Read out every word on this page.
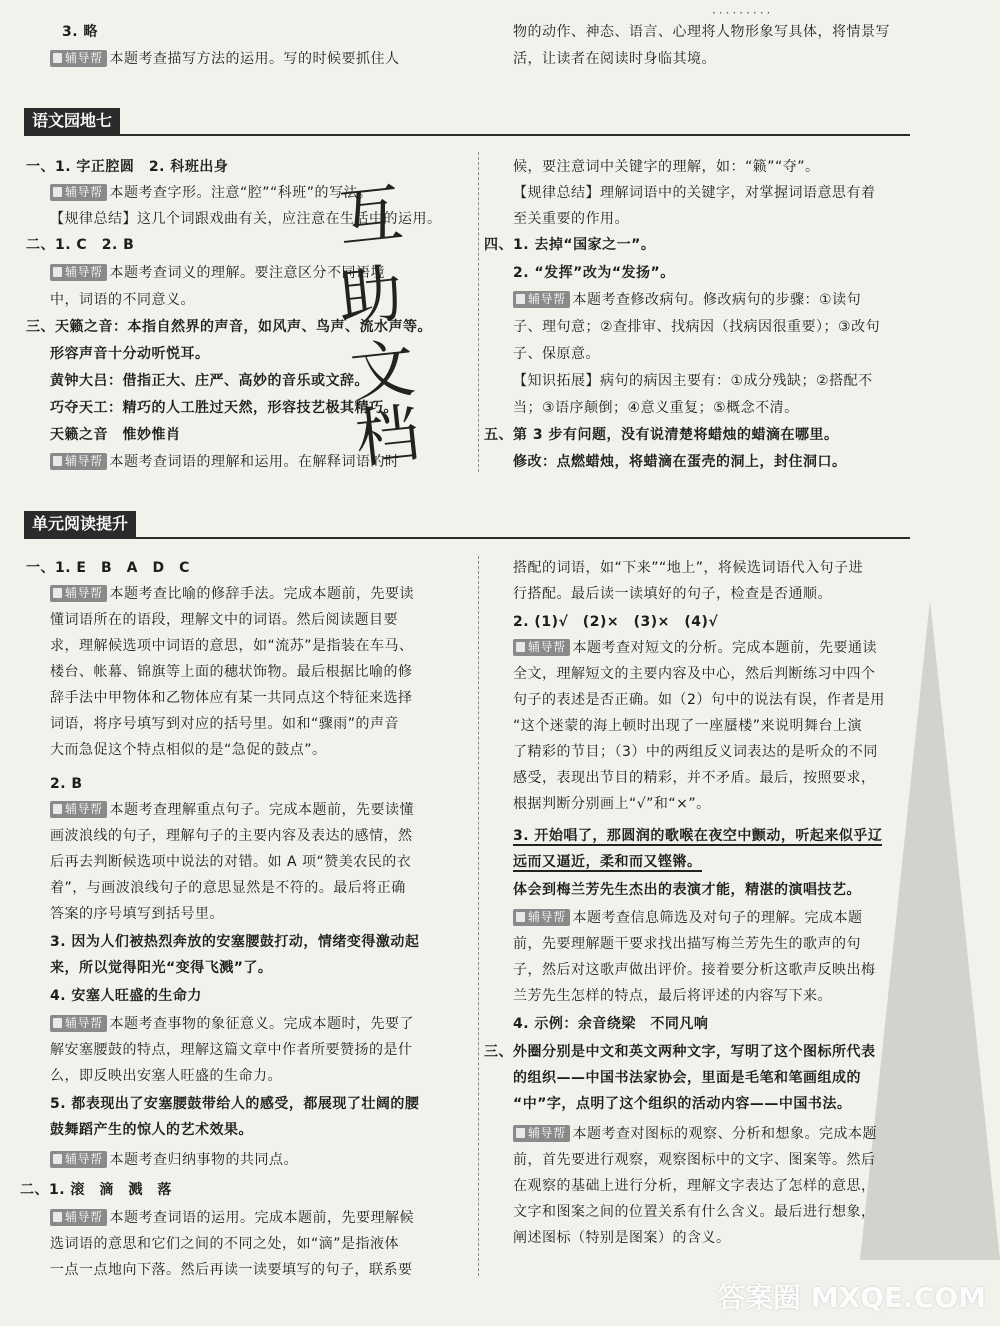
·········
3. 略
辅导帮 本题考查描写方法的运用。写的时候要抓住人
物的动作、神态、语言、心理将人物形象写具体，将情景写
活，让读者在阅读时身临其境。
语文园地七
一、1. 字正腔圆　2. 科班出身
辅导帮 本题考查字形。注意“腔”“科班”的写法。
【规律总结】这几个词跟戏曲有关，应注意在生活中的运用。
二、1. C　2. B
辅导帮 本题考查词义的理解。要注意区分不同语境
中，词语的不同意义。
三、天籁之音：本指自然界的声音，如风声、鸟声、流水声等。
形容声音十分动听悦耳。
黄钟大吕：借指正大、庄严、高妙的音乐或文辞。
巧夺天工：精巧的人工胜过天然，形容技艺极其精巧。
天籁之音　惟妙惟肖
辅导帮 本题考查词语的理解和运用。在解释词语的时
互
助
文
档
候，要注意词中关键字的理解，如：“籁”“夺”。
【规律总结】理解词语中的关键字，对掌握词语意思有着
至关重要的作用。
四、1. 去掉“国家之一”。
2. “发挥”改为“发扬”。
辅导帮 本题考查修改病句。修改病句的步骤：①读句
子、理句意；②查排审、找病因（找病因很重要）；③改句
子、保原意。
【知识拓展】病句的病因主要有：①成分残缺；②搭配不
当；③语序颠倒；④意义重复；⑤概念不清。
五、第 3 步有问题，没有说清楚将蜡烛的蜡滴在哪里。
修改：点燃蜡烛，将蜡滴在蛋壳的洞上，封住洞口。
单元阅读提升
一、1. E　B　A　D　C
辅导帮 本题考查比喻的修辞手法。完成本题前，先要读
懂词语所在的语段，理解文中的词语。然后阅读题目要
求，理解候选项中词语的意思，如“流苏”是指装在车马、
楼台、帐幕、锦旗等上面的穗状饰物。最后根据比喻的修
辞手法中甲物体和乙物体应有某一共同点这个特征来选择
词语，将序号填写到对应的括号里。如和“骤雨”的声音
大而急促这个特点相似的是“急促的鼓点”。
2. B
辅导帮 本题考查理解重点句子。完成本题前，先要读懂
画波浪线的句子，理解句子的主要内容及表达的感情，然
后再去判断候选项中说法的对错。如 A 项“赞美农民的衣
着”，与画波浪线句子的意思显然是不符的。最后将正确
答案的序号填写到括号里。
3. 因为人们被热烈奔放的安塞腰鼓打动，情绪变得激动起
来，所以觉得阳光“变得飞溅”了。
4. 安塞人旺盛的生命力
辅导帮 本题考查事物的象征意义。完成本题时，先要了
解安塞腰鼓的特点，理解这篇文章中作者所要赞扬的是什
么，即反映出安塞人旺盛的生命力。
5. 都表现出了安塞腰鼓带给人的感受，都展现了壮阔的腰
鼓舞蹈产生的惊人的艺术效果。
辅导帮 本题考查归纳事物的共同点。
二、1. 滚　滴　溅　落
辅导帮 本题考查词语的运用。完成本题前，先要理解候
选词语的意思和它们之间的不同之处，如“滴”是指液体
一点一点地向下落。然后再读一读要填写的句子，联系要
搭配的词语，如“下来”“地上”，将候选词语代入句子进
行搭配。最后读一读填好的句子，检查是否通顺。
2. (1)√　(2)×　(3)×　(4)√
辅导帮 本题考查对短文的分析。完成本题前，先要通读
全文，理解短文的主要内容及中心，然后判断练习中四个
句子的表述是否正确。如（2）句中的说法有误，作者是用
“这个迷蒙的海上顿时出现了一座蜃楼”来说明舞台上演
了精彩的节目；（3）中的两组反义词表达的是听众的不同
感受，表现出节目的精彩，并不矛盾。最后，按照要求，
根据判断分别画上“√”和“×”。
3. 开始唱了，那圆润的歌喉在夜空中颤动，听起来似乎辽
远而又逼近，柔和而又铿锵。
体会到梅兰芳先生杰出的表演才能，精湛的演唱技艺。
辅导帮 本题考查信息筛选及对句子的理解。完成本题
前，先要理解题干要求找出描写梅兰芳先生的歌声的句
子，然后对这歌声做出评价。接着要分析这歌声反映出梅
兰芳先生怎样的特点，最后将评述的内容写下来。
4. 示例：余音绕梁　不同凡响
三、外圈分别是中文和英文两种文字，写明了这个图标所代表
的组织——中国书法家协会，里面是毛笔和笔画组成的
“中”字，点明了这个组织的活动内容——中国书法。
辅导帮 本题考查对图标的观察、分析和想象。完成本题
前，首先要进行观察，观察图标中的文字、图案等。然后
在观察的基础上进行分析，理解文字表达了怎样的意思，
文字和图案之间的位置关系有什么含义。最后进行想象，
阐述图标（特别是图案）的含义。
答案圈 MXQE.COM
